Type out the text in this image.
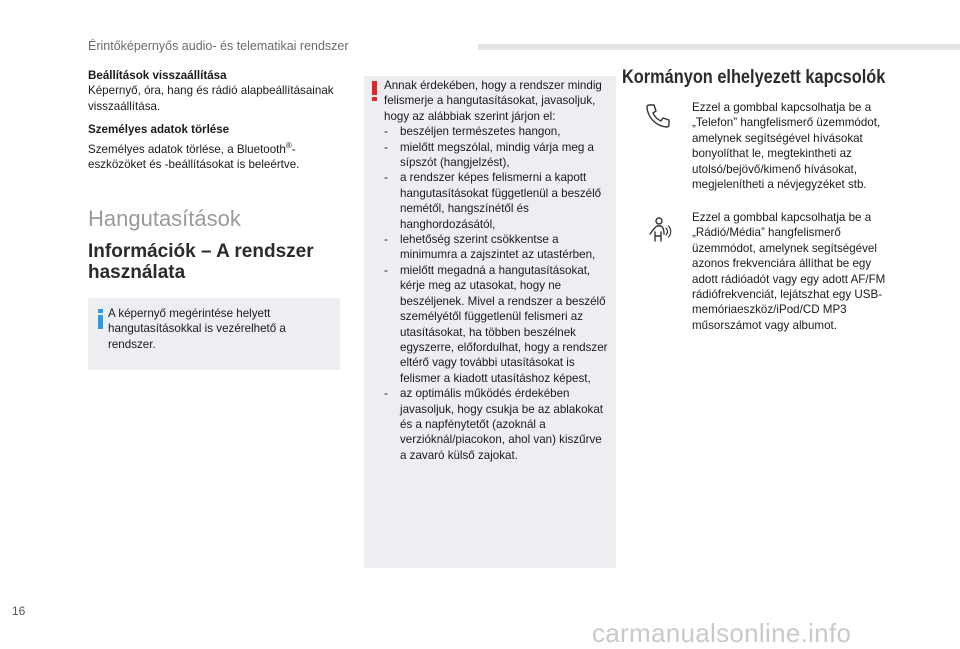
Érintőképernyős audio- és telematikai rendszer

Beállítások visszaállítása

Képernyő, óra, hang és rádió alapbeállításainak visszaállítása.

Személyes adatok törlése

Személyes adatok törlése, a Bluetooth®-eszközöket és -beállításokat is beleértve.

Hangutasítások
Információk – A rendszer használata
A képernyő megérintése helyett hangutasításokkal is vezérelhető a rendszer.

Annak érdekében, hogy a rendszer mindig felismerje a hangutasításokat, javasoljuk, hogy az alábbiak szerint járjon el:

- beszéljen természetes hangon,
- mielőtt megszólal, mindig várja meg a sípszót (hangjelzést),
- a rendszer képes felismerni a kapott hangutasításokat függetlenül a beszélő nemétől, hangszínétől és hanghordozásától,
- lehetőség szerint csökkentse a minimumra a zajszintet az utastérben,
- mielőtt megadná a hangutasításokat, kérje meg az utasokat, hogy ne beszéljenek. Mivel a rendszer a beszélő személyétől függetlenül felismeri az utasításokat, ha többen beszélnek egyszerre, előfordulhat, hogy a rendszer eltérő vagy további utasításokat is felismer a kiadott utasításhoz képest,
- az optimális működés érdekében javasoljuk, hogy csukja be az ablakokat és a napfénytetőt (azoknál a verzióknál/piacokon, ahol van) kiszűrve a zavaró külső zajokat.
Kormányon elhelyezett kapcsolók
Ezzel a gombbal kapcsolhatja be a „Telefon” hangfelismerő üzemmódot, amelynek segítségével hívásokat bonyolíthat le, megtekintheti az utolsó/bejövő/kimenő hívásokat, megjelenítheti a névjegyzéket stb.
Ezzel a gombbal kapcsolhatja be a „Rádió/Média” hangfelismerő üzemmódot, amelynek segítségével azonos frekvenciára állíthat be egy adott rádióadót vagy egy adott AF/FM rádiófrekvenciát, lejátszhat egy USB-memóriaeszköz/iPod/CD MP3 műsorszámot vagy albumot.
16
carmanualsonline.info
